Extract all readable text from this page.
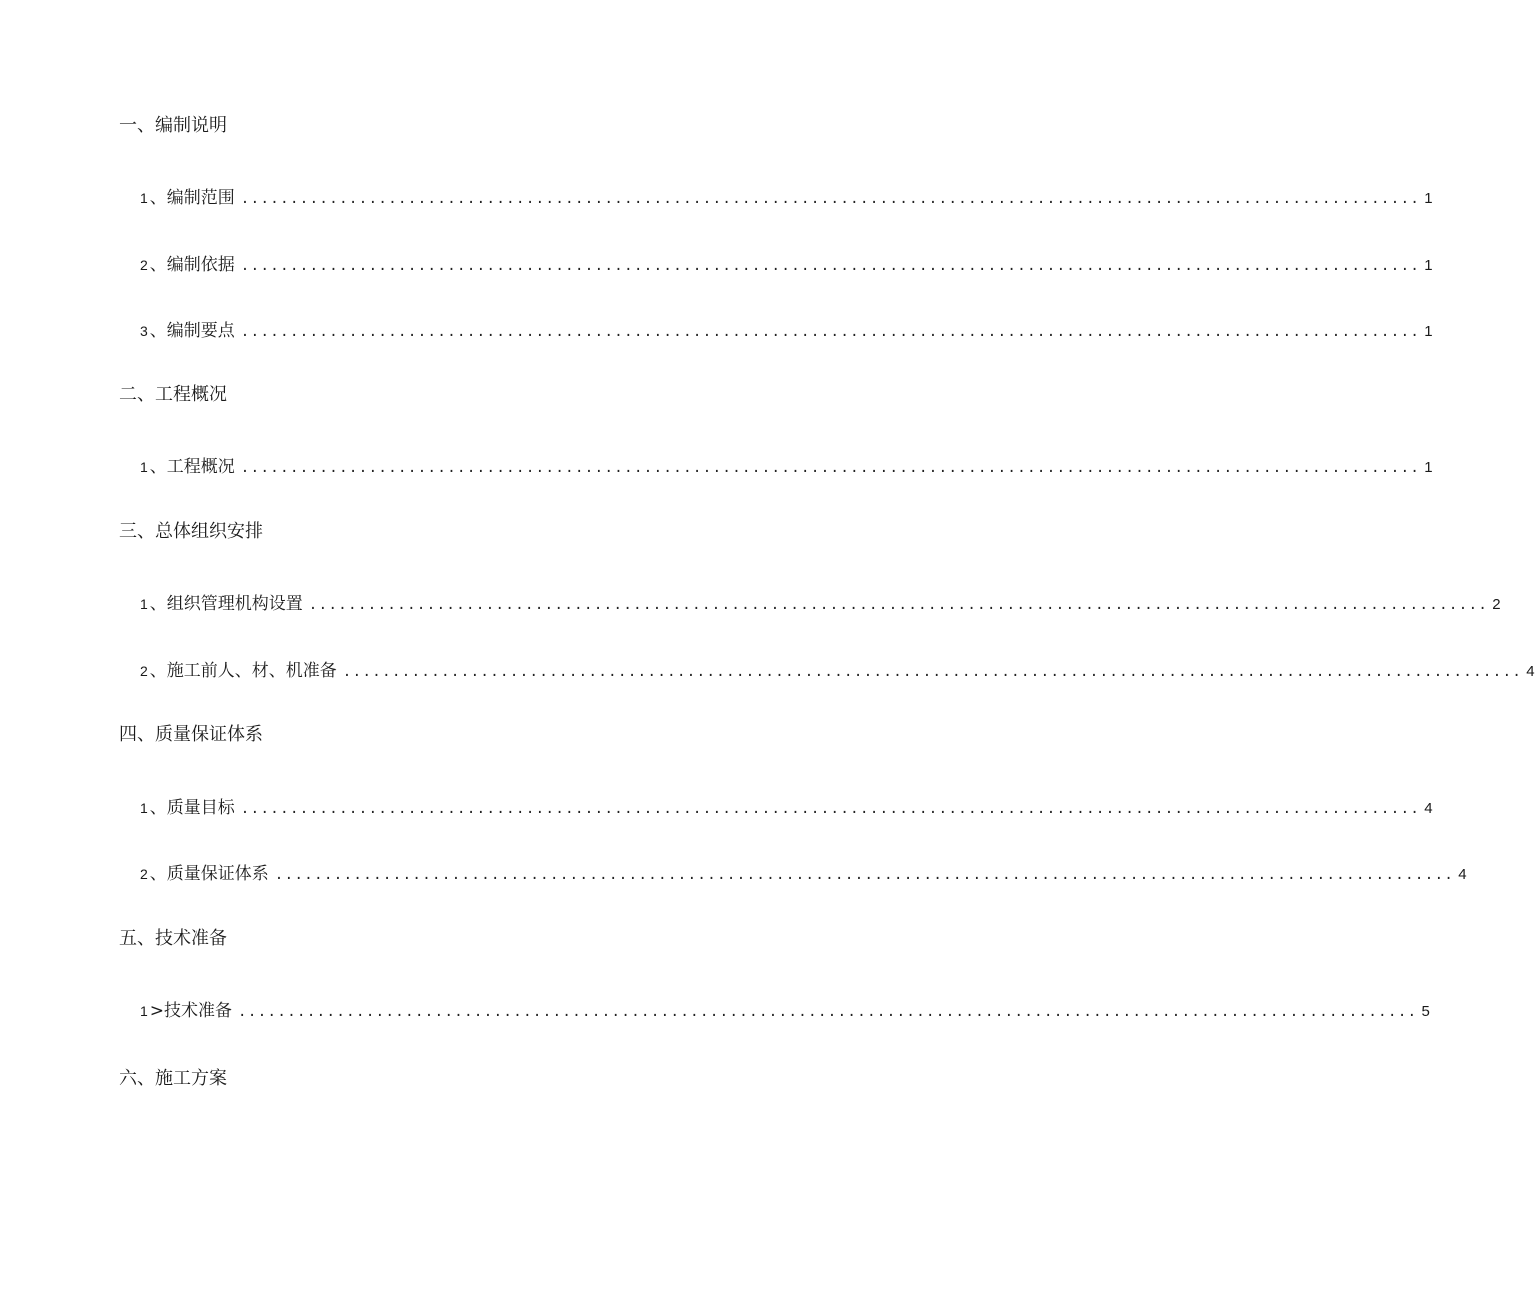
一、编制说明
1 、 编制范围 ........................................................................................................................ 1
2 、 编制依据 ........................................................................................................................ 1
3 、 编制要点 ........................................................................................................................ 1
二、工程概况
1 、 工程概况 ........................................................................................................................ 1
三、总体组织安排
1 、 组织管理机构设置 ........................................................................................................................ 2
2 、 施工前人、材、机准备 ........................................................................................................................ 4
四、质量保证体系
1 、 质量目标 ........................................................................................................................ 4
2 、 质量保证体系 ........................................................................................................................ 4
五、技术准备
1 > 技术准备 ........................................................................................................................ 5
六、施工方案
